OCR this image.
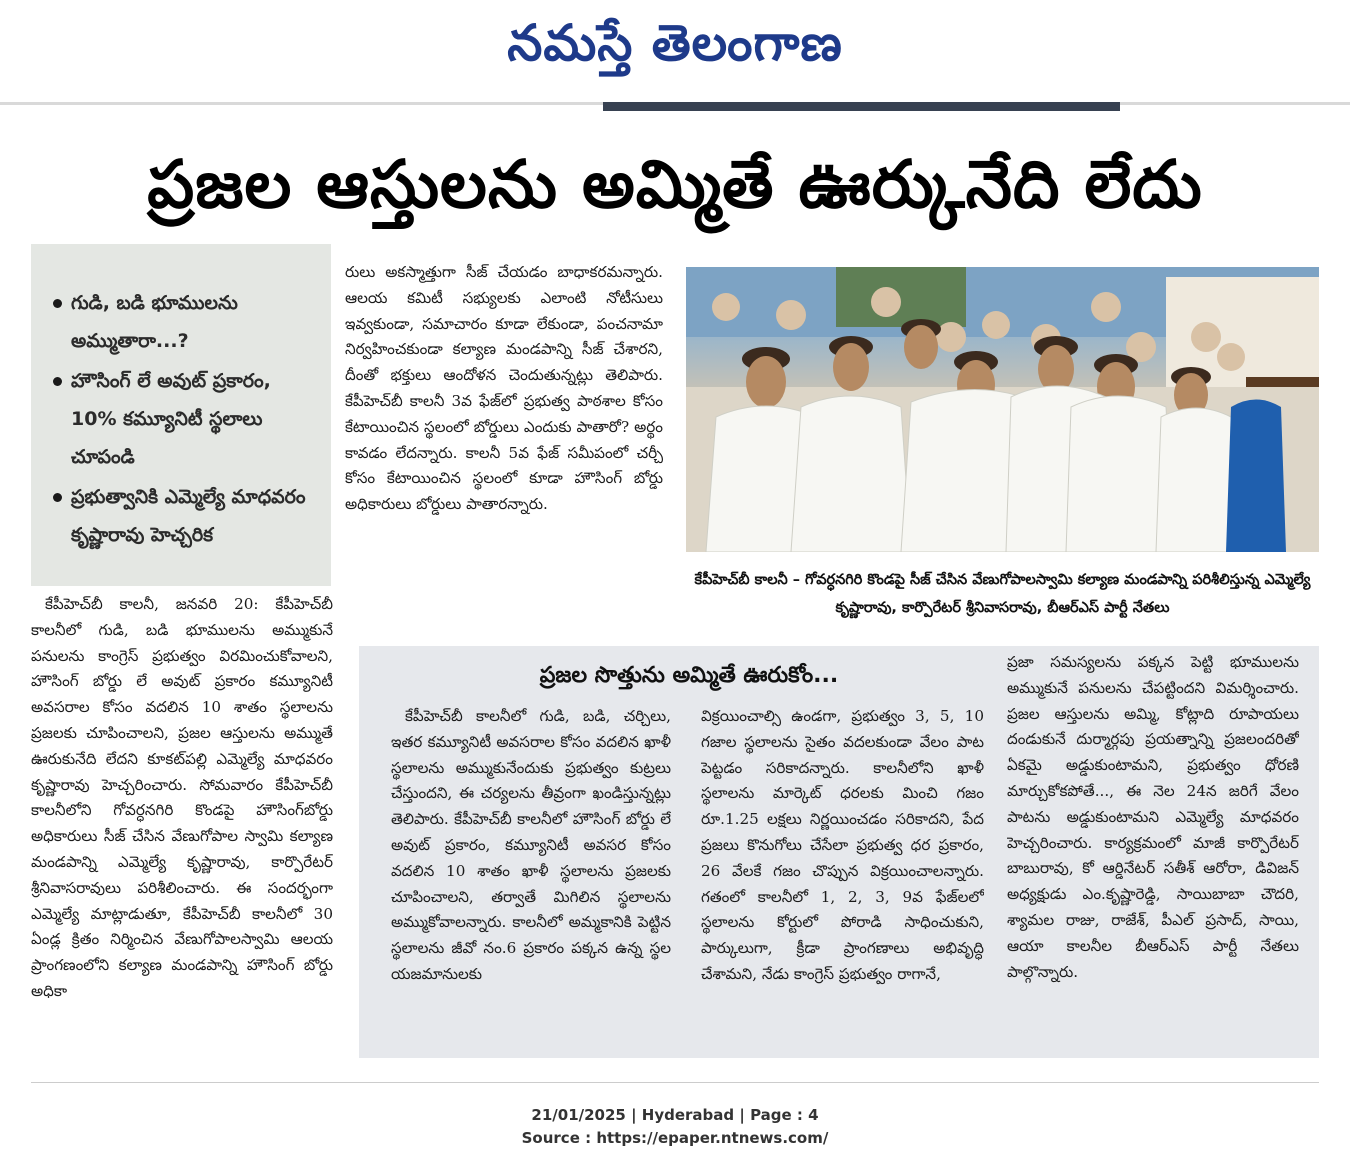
నమస్తే తెలంగాణ
ప్రజల ఆస్తులను అమ్మితే ఊర్కునేది లేదు
గుడి, బడి భూములను అమ్ముతారా...?
హౌసింగ్ లే అవుట్ ప్రకారం, 10% కమ్యూనిటీ స్థలాలు చూపండి
ప్రభుత్వానికి ఎమ్మెల్యే మాధవరం కృష్ణారావు హెచ్చరిక

కేపీహెచ్‌బీ కాలనీ, జనవరి 20: కేపీహెచ్‌బీ కాలనీలో గుడి, బడి భూములను అమ్ముకునే పనులను కాంగ్రెస్ ప్రభుత్వం విరమించుకోవాలని, హౌసింగ్ బోర్డు లే అవుట్ ప్రకారం కమ్యూనిటీ అవసరాల కోసం వదలిన 10 శాతం స్థలాలను ప్రజలకు చూపించాలని, ప్రజల ఆస్తులను అమ్ముతే ఊరుకునేది లేదని కూకట్‌పల్లి ఎమ్మెల్యే మాధవరం కృష్ణారావు హెచ్చరించారు. సోమవారం కేపీహెచ్‌బీ కాలనీలోని గోవర్ధనగిరి కొండపై హౌసింగ్‌బోర్డు అధికారులు సీజ్ చేసిన వేణుగోపాల స్వామి కల్యాణ మండపాన్ని ఎమ్మెల్యే కృష్ణారావు, కార్పొరేటర్ శ్రీనివాసరావులు పరిశీలించారు. ఈ సందర్భంగా ఎమ్మెల్యే మాట్లాడుతూ, కేపీహెచ్‌బీ కాలనీలో 30 ఏండ్ల క్రితం నిర్మించిన వేణుగోపాలస్వామి ఆలయ ప్రాంగణంలోని కల్యాణ మండపాన్ని హౌసింగ్ బోర్డు అధికా

రులు అకస్మాత్తుగా సీజ్ చేయడం బాధాకరమన్నారు. ఆలయ కమిటీ సభ్యులకు ఎలాంటి నోటీసులు ఇవ్వకుండా, సమాచారం కూడా లేకుండా, పంచనామా నిర్వహించకుండా కల్యాణ మండపాన్ని సీజ్ చేశారని, దీంతో భక్తులు ఆందోళన చెందుతున్నట్లు తెలిపారు. కేపీహెచ్‌బీ కాలనీ 3వ ఫేజ్‌లో ప్రభుత్వ పాఠశాల కోసం కేటాయించిన స్థలంలో బోర్డులు ఎందుకు పాతారో? అర్థం కావడం లేదన్నారు. కాలనీ 5వ ఫేజ్ సమీపంలో చర్చీ కోసం కేటాయించిన స్థలంలో కూడా హౌసింగ్ బోర్డు అధికారులు బోర్డులు పాతారన్నారు.

కేపీహెచ్‌బీ కాలనీ – గోవర్ధనగిరి కొండపై సీజ్ చేసిన వేణుగోపాలస్వామి కల్యాణ మండపాన్ని పరిశీలిస్తున్న ఎమ్మెల్యే కృష్ణారావు, కార్పొరేటర్ శ్రీనివాసరావు, బీఆర్ఎస్ పార్టీ నేతలు
ప్రజల సొత్తును అమ్మితే ఊరుకోం...

కేపీహెచ్‌బీ కాలనీలో గుడి, బడి, చర్చిలు, ఇతర కమ్యూనిటీ అవసరాల కోసం వదలిన ఖాళీ స్థలాలను అమ్ముకునేందుకు ప్రభుత్వం కుట్రలు చేస్తుందని, ఈ చర్యలను తీవ్రంగా ఖండిస్తున్నట్లు తెలిపారు. కేపీహెచ్‌బీ కాలనీలో హౌసింగ్ బోర్డు లే అవుట్ ప్రకారం, కమ్యూనిటీ అవసర కోసం వదలిన 10 శాతం ఖాళీ స్థలాలను ప్రజలకు చూపించాలని, తర్వాతే మిగిలిన స్థలాలను అమ్ముకోవాలన్నారు. కాలనీలో అమ్మకానికి పెట్టిన స్థలాలను జీవో నం.6 ప్రకారం పక్కన ఉన్న స్థల యజమానులకు

విక్రయించాల్సి ఉండగా, ప్రభుత్వం 3, 5, 10 గజాల స్థలాలను సైతం వదలకుండా వేలం పాట పెట్టడం సరికాదన్నారు. కాలనీలోని ఖాళీ స్థలాలను మార్కెట్ ధరలకు మించి గజం రూ.1.25 లక్షలు నిర్ణయించడం సరికాదని, పేద ప్రజలు కొనుగోలు చేసేలా ప్రభుత్వ ధర ప్రకారం, 26 వేలకే గజం చొప్పున విక్రయించాలన్నారు. గతంలో కాలనీలో 1, 2, 3, 9వ ఫేజ్‌లలో స్థలాలను కోర్టులో పోరాడి సాధించుకుని, పార్కులుగా, క్రీడా ప్రాంగణాలు అభివృద్ధి చేశామని, నేడు కాంగ్రెస్ ప్రభుత్వం రాగానే,

ప్రజా సమస్యలను పక్కన పెట్టి భూములను అమ్ముకునే పనులను చేపట్టిందని విమర్శించారు. ప్రజల ఆస్తులను అమ్మి, కోట్లాది రూపాయలు దండుకునే దుర్మార్గపు ప్రయత్నాన్ని ప్రజలందరితో ఏకమై అడ్డుకుంటామని, ప్రభుత్వం ధోరణి మార్చుకోకపోతే..., ఈ నెల 24న జరిగే వేలం పాటను అడ్డుకుంటామని ఎమ్మెల్యే మాధవరం హెచ్చరించారు. కార్యక్రమంలో మాజీ కార్పొరేటర్ బాబురావు, కో ఆర్డినేటర్ సతీశ్ ఆరోరా, డివిజన్ అధ్యక్షుడు ఎం.కృష్ణారెడ్డి, సాయిబాబా చౌదరి, శ్యామల రాజు, రాజేశ్, పీఎల్ ప్రసాద్, సాయి, ఆయా కాలనీల బీఆర్ఎస్ పార్టీ నేతలు పాల్గొన్నారు.

21/01/2025 | Hyderabad | Page : 4
Source : https://epaper.ntnews.com/
